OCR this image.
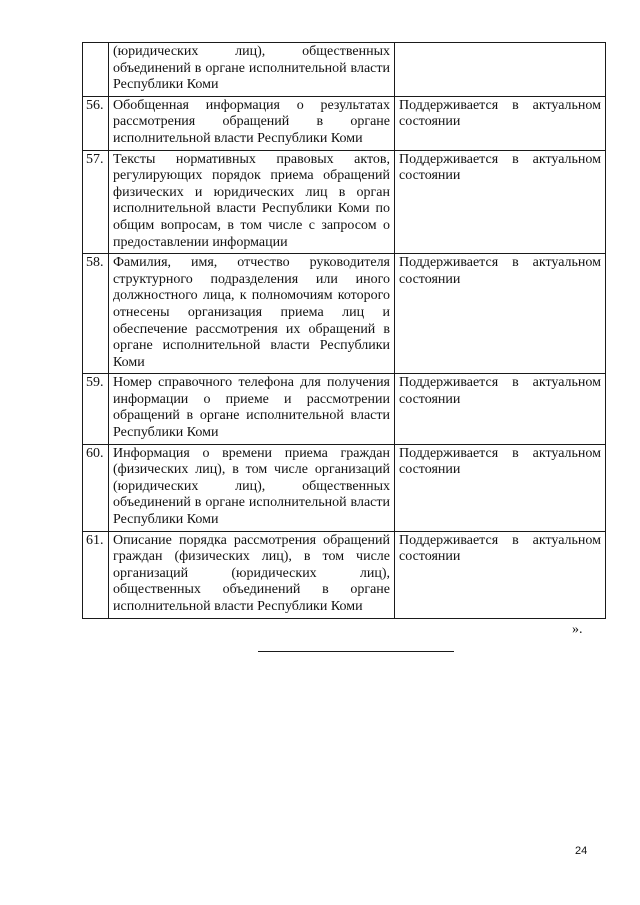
	(юридических лиц), общественных объединений в органе исполнительной власти Республики Коми	
56.	Обобщенная информация о результатах рассмотрения обращений в органе исполнительной власти Республики Коми	Поддерживается в актуальном состоянии
57.	Тексты нормативных правовых актов, регулирующих порядок приема обращений физических и юридических лиц в орган исполнительной власти Республики Коми по общим вопросам, в том числе с запросом о предоставлении информации	Поддерживается в актуальном состоянии
58.	Фамилия, имя, отчество руководителя структурного подразделения или иного должностного лица, к полномочиям которого отнесены организация приема лиц и обеспечение рассмотрения их обращений в органе исполнительной власти Республики Коми	Поддерживается в актуальном состоянии
59.	Номер справочного телефона для получения информации о приеме и рассмотрении обращений в органе исполнительной власти Республики Коми	Поддерживается в актуальном состоянии
60.	Информация о времени приема граждан (физических лиц), в том числе организаций (юридических лиц), общественных объединений в органе исполнительной власти Республики Коми	Поддерживается в актуальном состоянии
61.	Описание порядка рассмотрения обращений граждан (физических лиц), в том числе организаций (юридических лиц), общественных объединений в органе исполнительной власти Республики Коми	Поддерживается в актуальном состоянии
».
24
